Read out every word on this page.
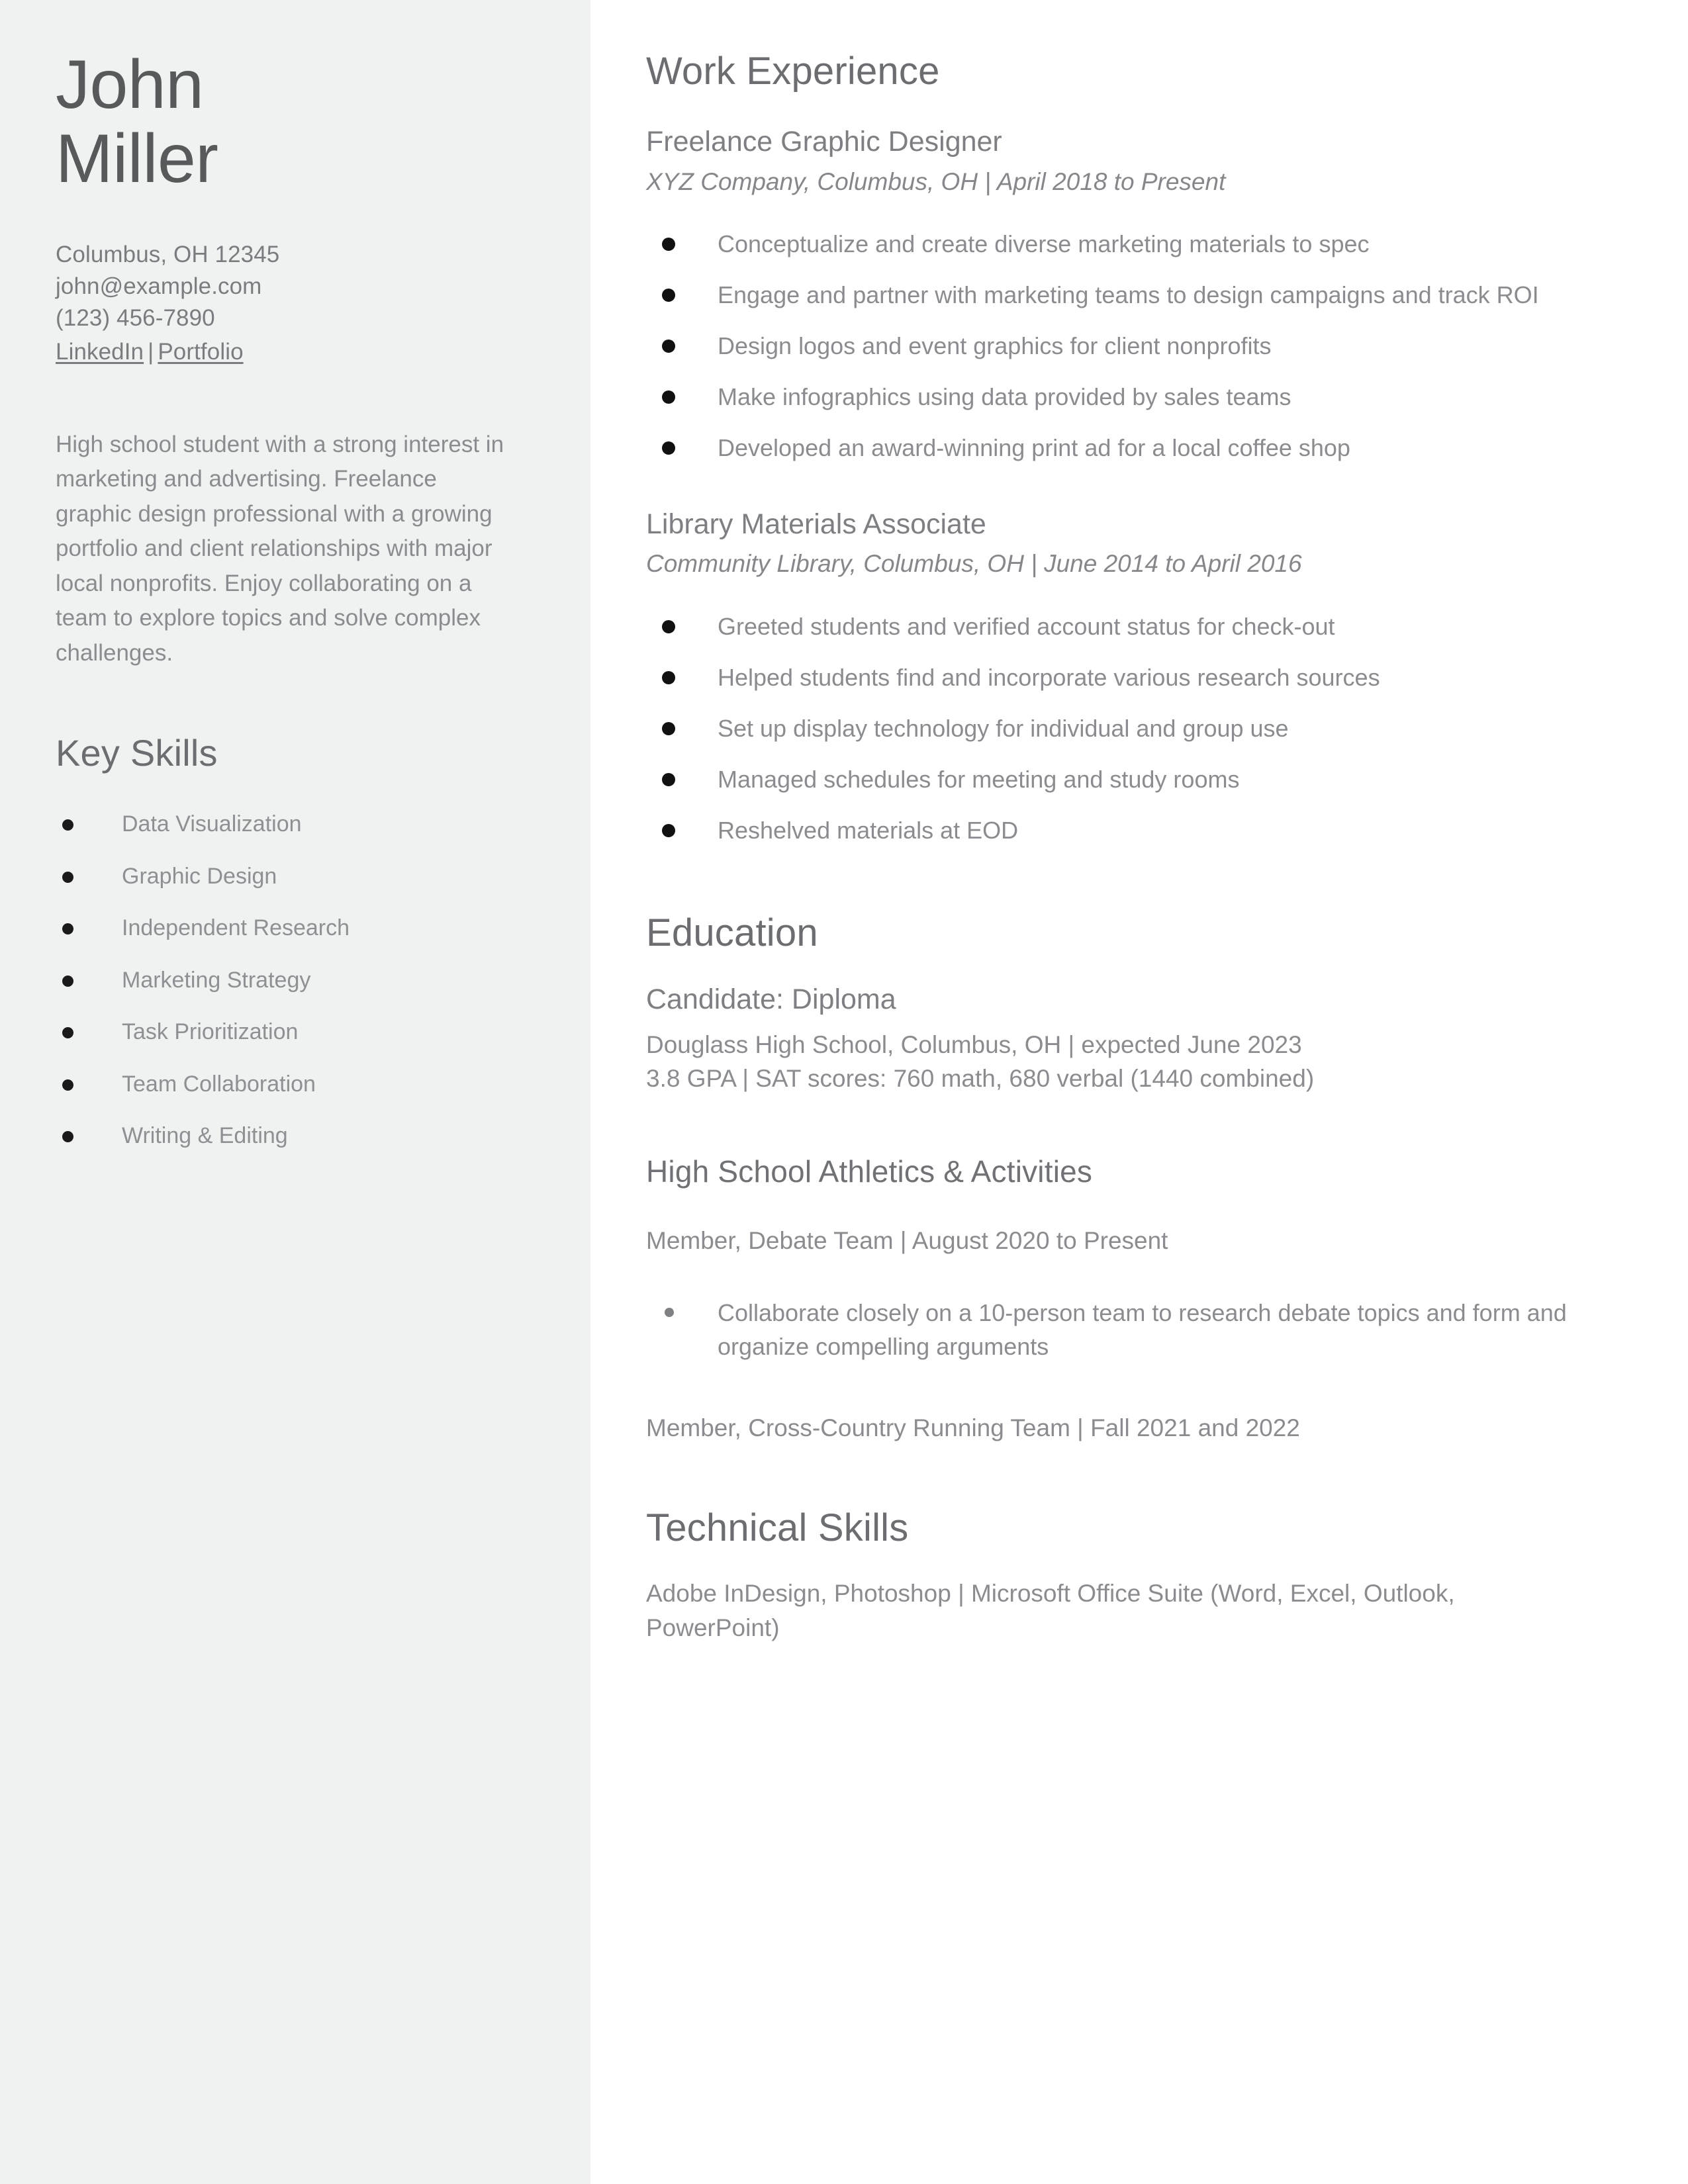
John
Miller
Columbus, OH 12345
john@example.com
(123) 456-7890
LinkedIn | Portfolio
High school student with a strong interest in marketing and advertising. Freelance graphic design professional with a growing portfolio and client relationships with major local nonprofits. Enjoy collaborating on a team to explore topics and solve complex challenges.
Key Skills
Data Visualization
Graphic Design
Independent Research
Marketing Strategy
Task Prioritization
Team Collaboration
Writing & Editing
Work Experience
Freelance Graphic Designer
XYZ Company, Columbus, OH | April 2018 to Present
Conceptualize and create diverse marketing materials to spec
Engage and partner with marketing teams to design campaigns and track ROI
Design logos and event graphics for client nonprofits
Make infographics using data provided by sales teams
Developed an award-winning print ad for a local coffee shop
Library Materials Associate
Community Library, Columbus, OH | June 2014 to April 2016
Greeted students and verified account status for check-out
Helped students find and incorporate various research sources
Set up display technology for individual and group use
Managed schedules for meeting and study rooms
Reshelved materials at EOD
Education
Candidate: Diploma
Douglass High School, Columbus, OH | expected June 2023
3.8 GPA | SAT scores: 760 math, 680 verbal (1440 combined)
High School Athletics & Activities
Member, Debate Team | August 2020 to Present
Collaborate closely on a 10-person team to research debate topics and form and organize compelling arguments
Member, Cross-Country Running Team | Fall 2021 and 2022
Technical Skills
Adobe InDesign, Photoshop | Microsoft Office Suite (Word, Excel, Outlook, PowerPoint)
